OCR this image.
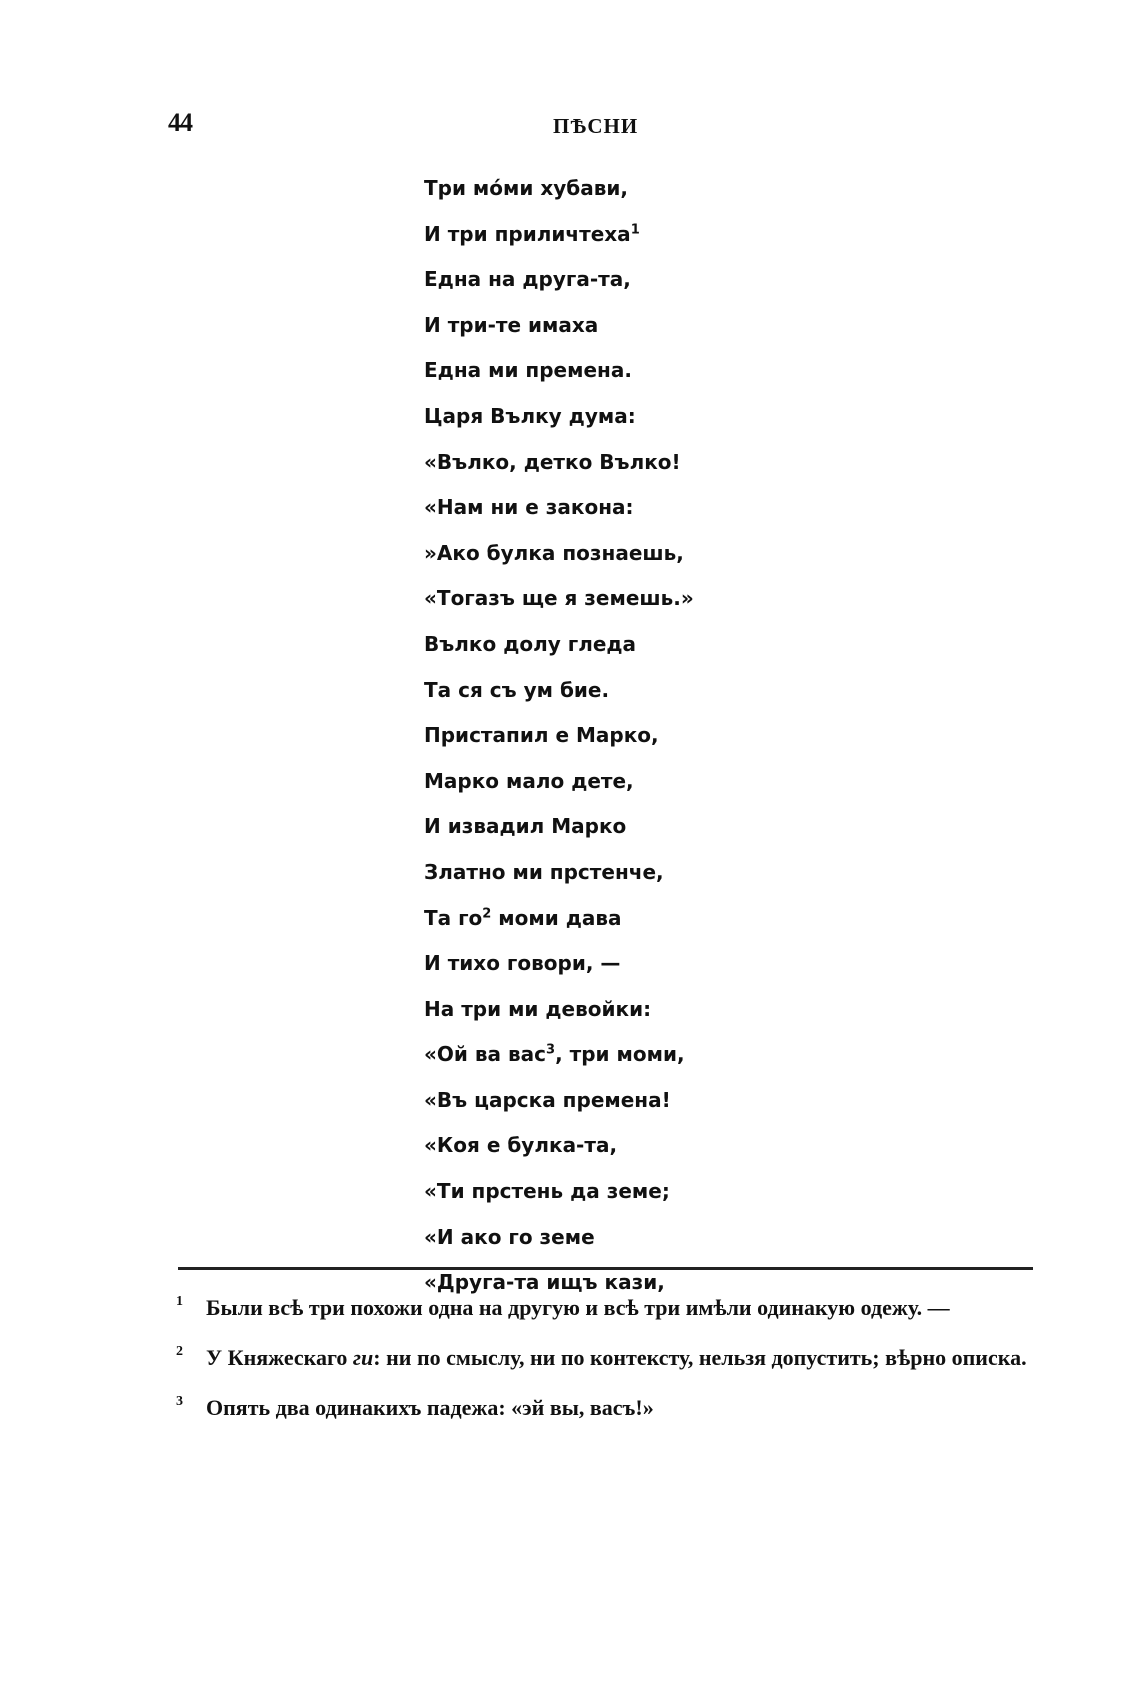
44	ПѢСНИ
Три мо́ми хубави,
И три приличтеха$^1$
Една на друга-та,
И три-те имаха
Една ми премена.
Царя Вълку дума:
«Вълко, детко Вълко!
«Нам ни е закона:
»Ако булка познаешь,
«Тогазъ ще я земешь.»
Вълко долу гледа
Та ся съ ум бие.
Пристапил е Марко,
Марко мало дете,
И извадил Марко
Златно ми прстенче,
Та $го^2$ моми дава
И тихо говори, —
На три ми девойки:
«Ой ва вас$^3$, три моми,
«Въ царска премена!
«Коя е булка-та,
«Ти прстень да земе;
«И ако го земе
«Друга-та ищъ кази,
1 Были всѣ три похожи одна на другую и всѣ три имѣли одинакую одежу. —
2 У Княжескаго ги: ни по смыслу, ни по контексту, нельзя допустить; вѣрно описка.
3 Опять два одинакихъ падежа: «эй вы, васъ!»
